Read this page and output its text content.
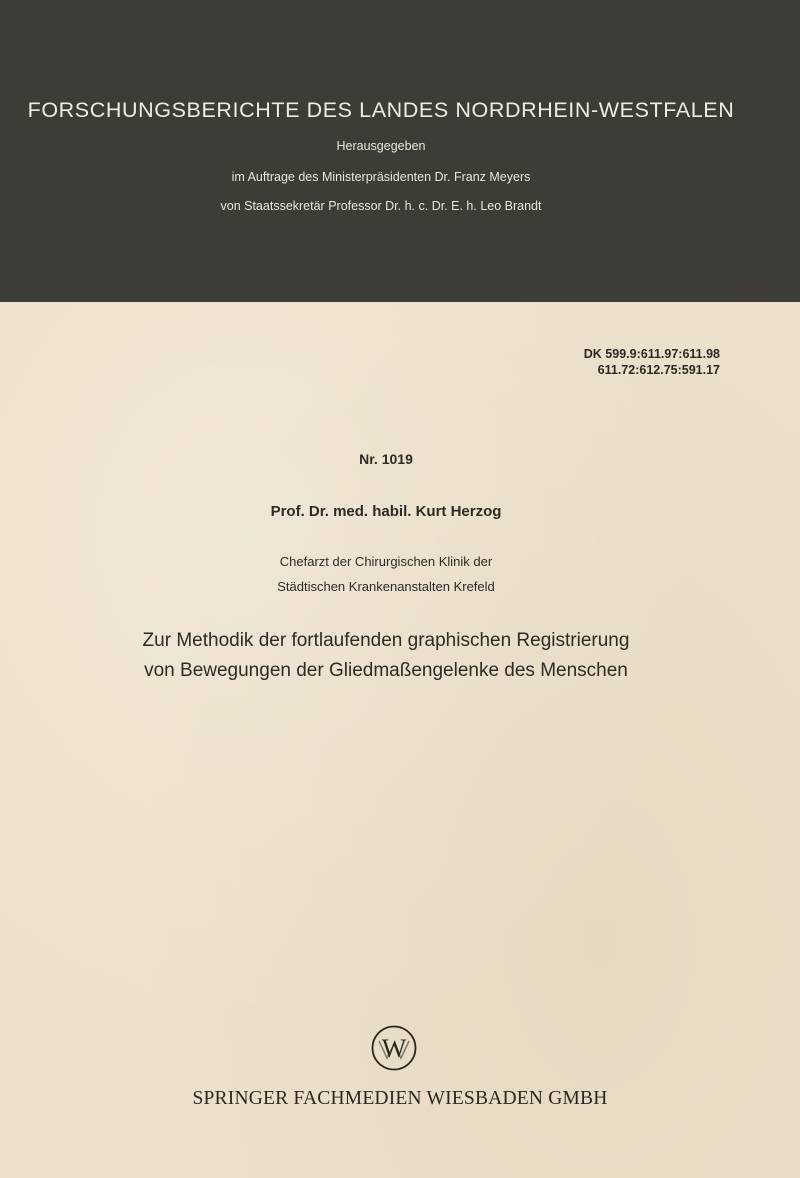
FORSCHUNGSBERICHTE DES LANDES NORDRHEIN-WESTFALEN
Herausgegeben
im Auftrage des Ministerpräsidenten Dr. Franz Meyers
von Staatssekretär Professor Dr. h. c. Dr. E. h. Leo Brandt
DK 599.9:611.97:611.98
611.72:612.75:591.17
Nr. 1019
Prof. Dr. med. habil. Kurt Herzog
Chefarzt der Chirurgischen Klinik der
Städtischen Krankenanstalten Krefeld
Zur Methodik der fortlaufenden graphischen Registrierung
von Bewegungen der Gliedmaßengelenke des Menschen
W
SPRINGER FACHMEDIEN WIESBADEN GMBH
